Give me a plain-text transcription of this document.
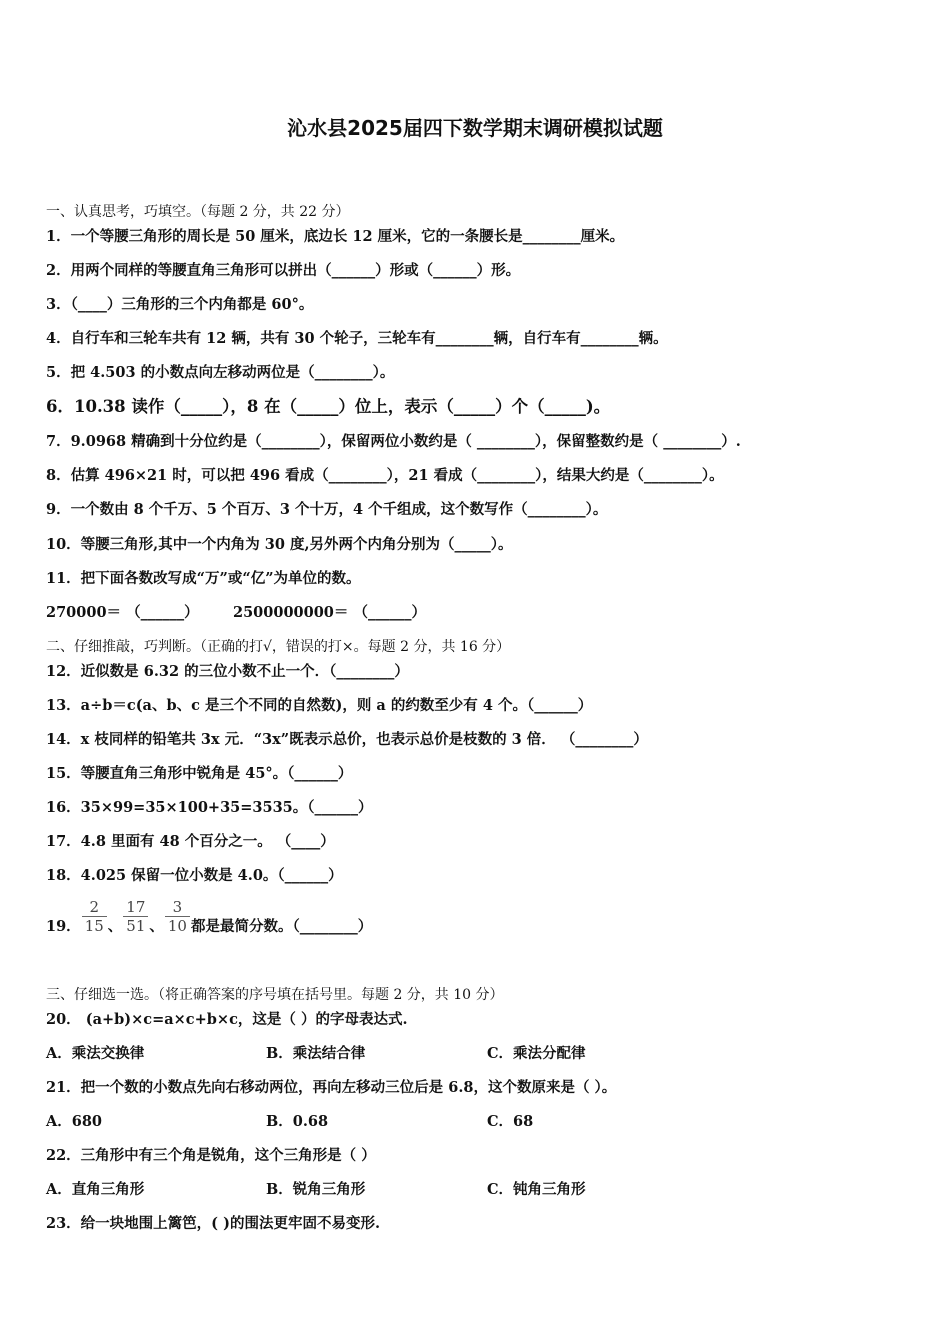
沁水县2025届四下数学期末调研模拟试题
一、认真思考，巧填空。（每题 2 分，共 22 分）
1．一个等腰三角形的周长是 50 厘米，底边长 12 厘米，它的一条腰长是________厘米。
2．用两个同样的等腰直角三角形可以拼出（______）形或（______）形。
3．（____）三角形的三个内角都是 60°。
4．自行车和三轮车共有 12 辆，共有 30 个轮子，三轮车有________辆，自行车有________辆。
5．把 4.503 的小数点向左移动两位是（________）。
6．10.38 读作（_____），8 在（_____）位上，表示（_____）个（_____)。
7．9.0968 精确到十分位约是（________），保留两位小数约是（ ________），保留整数约是（ ________）.
8．估算 496×21 时，可以把 496 看成（________），21 看成（________），结果大约是（________）。
9．一个数由 8 个千万、5 个百万、3 个十万，4 个千组成，这个数写作（________）。
10．等腰三角形,其中一个内角为 30 度,另外两个内角分别为（_____）。
11．把下面各数改写成“万”或“亿”为单位的数。
270000＝ （______） 2500000000＝ （______）
二、仔细推敲，巧判断。（正确的打√，错误的打×。每题 2 分，共 16 分）
12．近似数是 6.32 的三位小数不止一个．（________）
13．a÷b＝c(a、b、c 是三个不同的自然数)，则 a 的约数至少有 4 个。（______）
14．x 枝同样的铅笔共 3x 元．“3x”既表示总价，也表示总价是枝数的 3 倍． （________）
15．等腰直角三角形中锐角是 45°。（______）
16．35×99=35×100+35=3535。（______）
17．4.8 里面有 48 个百分之一。 （____）
18．4.025 保留一位小数是 4.0。（______）
19． $\frac{2}{15}$ 、 $\frac{17}{51}$ 、 $\frac{3}{10}$ 都是最简分数。（________）
三、仔细选一选。（将正确答案的序号填在括号里。每题 2 分，共 10 分）
20． (a+b)×c=a×c+b×c，这是（ ）的字母表达式.
A．乘法交换律	B．乘法结合律	C．乘法分配律
21．把一个数的小数点先向右移动两位，再向左移动三位后是 6.8，这个数原来是（ ）。
A．680	B．0.68	C．68
22．三角形中有三个角是锐角，这个三角形是（ ）
A．直角三角形	B．锐角三角形	C．钝角三角形
23．给一块地围上篱笆，( )的围法更牢固不易变形.
